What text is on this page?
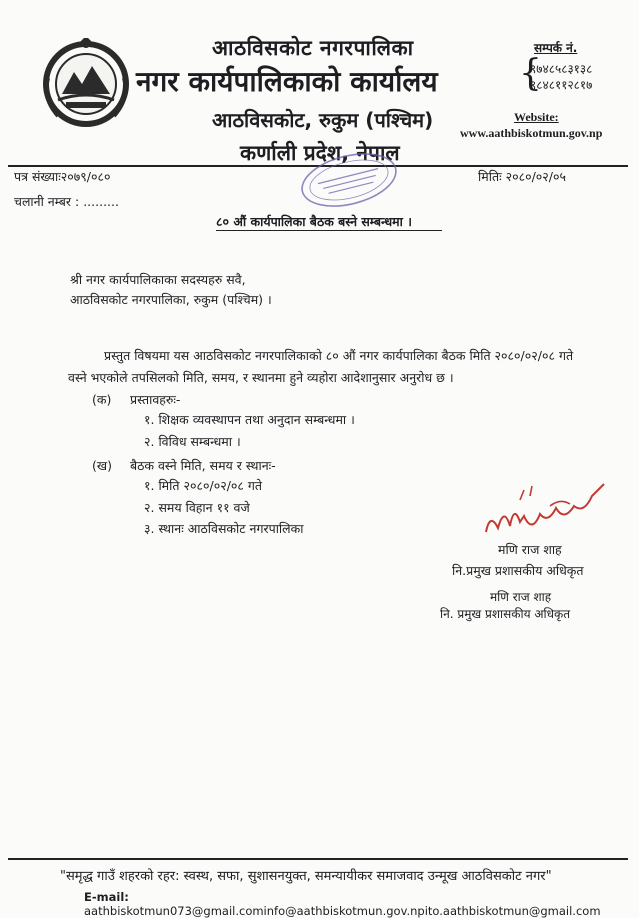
आठविसकोट नगरपालिका
नगर कार्यपालिकाको कार्यालय
आठविसकोट, रुकुम (पश्चिम)
कर्णाली प्रदेश, नेपाल
सम्पर्क नं.
{
९७४८५८३१३८
९८४८११२८१७
Website:
www.aathbiskotmun.gov.np
पत्र संख्याः२०७९/०८०
चलानी नम्बर : .........
मितिः २०८०/०२/०५
८० औं कार्यपालिका बैठक बस्ने सम्बन्धमा ।
श्री नगर कार्यपालिकाका सदस्यहरु सवै,
आठविसकोट नगरपालिका, रुकुम (पश्चिम) ।
प्रस्तुत विषयमा यस आठविसकोट नगरपालिकाको ८० औं नगर कार्यपालिका बैठक मिति २०८०/०२/०८ गते
वस्ने भएकोले तपसिलको मिति, समय, र स्थानमा हुने व्यहोरा आदेशानुसार अनुरोध छ ।
(क) प्रस्तावहरुः-
१. शिक्षक व्यवस्थापन तथा अनुदान सम्बन्धमा ।
२. विविध सम्बन्धमा ।
(ख) बैठक वस्ने मिति, समय र स्थानः-
१. मिति २०८०/०२/०८ गते
२. समय विहान ११ वजे
३. स्थानः आठविसकोट नगरपालिका
मणि राज शाह
नि.प्रमुख प्रशासकीय अधिकृत
मणि राज शाह
नि. प्रमुख प्रशासकीय अधिकृत
"समृद्ध गाउँ शहरको रहर: स्वस्थ, सफा, सुशासनयुक्त, समन्यायीकर समाजवाद उन्मूख आठविसकोट नगर"
E-mail: aathbiskotmun073@gmail.cominfo@aathbiskotmun.gov.npito.aathbiskotmun@gmail.com
